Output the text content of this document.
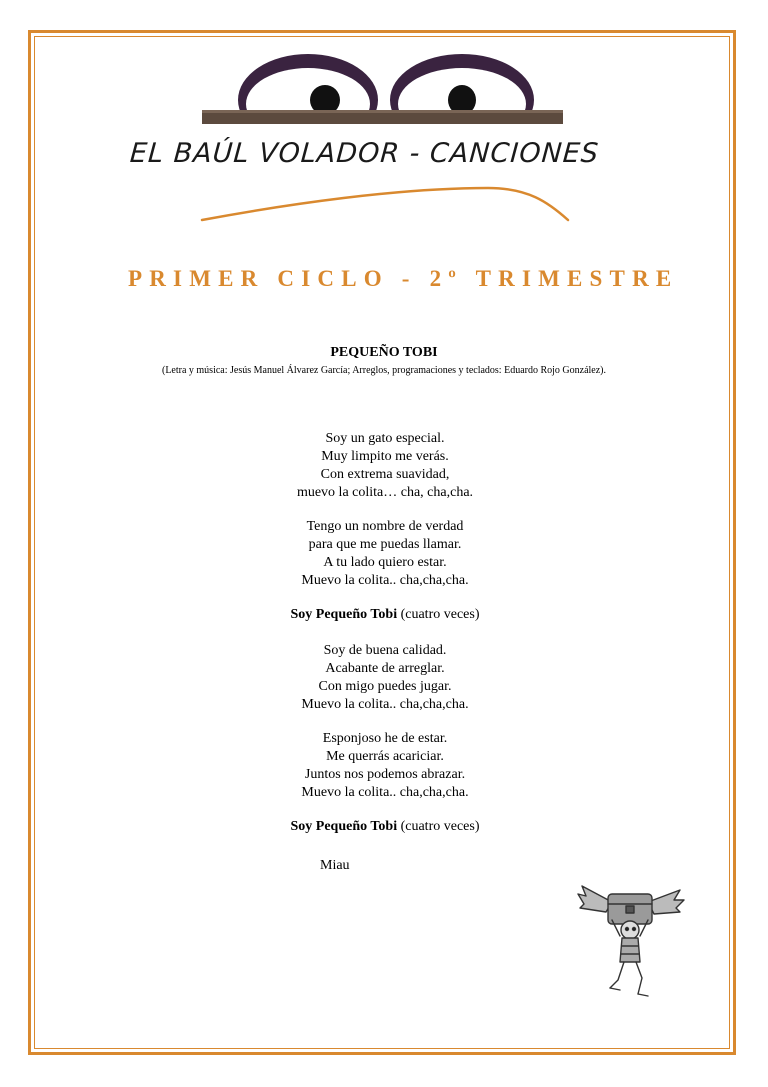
EL BAÚL VOLADOR - CANCIONES
PRIMER CICLO - 2º TRIMESTRE
PEQUEÑO TOBI
(Letra y música: Jesús Manuel Álvarez García; Arreglos, programaciones y teclados: Eduardo Rojo González).
Soy un gato especial.
Muy limpito me verás.
Con extrema suavidad,
muevo la colita… cha, cha,cha.
Tengo un nombre de verdad
para que me puedas llamar.
A tu lado quiero estar.
Muevo la colita.. cha,cha,cha.
Soy Pequeño Tobi (cuatro veces)
Soy de buena calidad.
Acabante de arreglar.
Con migo puedes jugar.
Muevo la colita.. cha,cha,cha.
Esponjoso he de estar.
Me querrás acariciar.
Juntos nos podemos abrazar.
Muevo la colita.. cha,cha,cha.
Soy Pequeño Tobi (cuatro veces)
Miau
